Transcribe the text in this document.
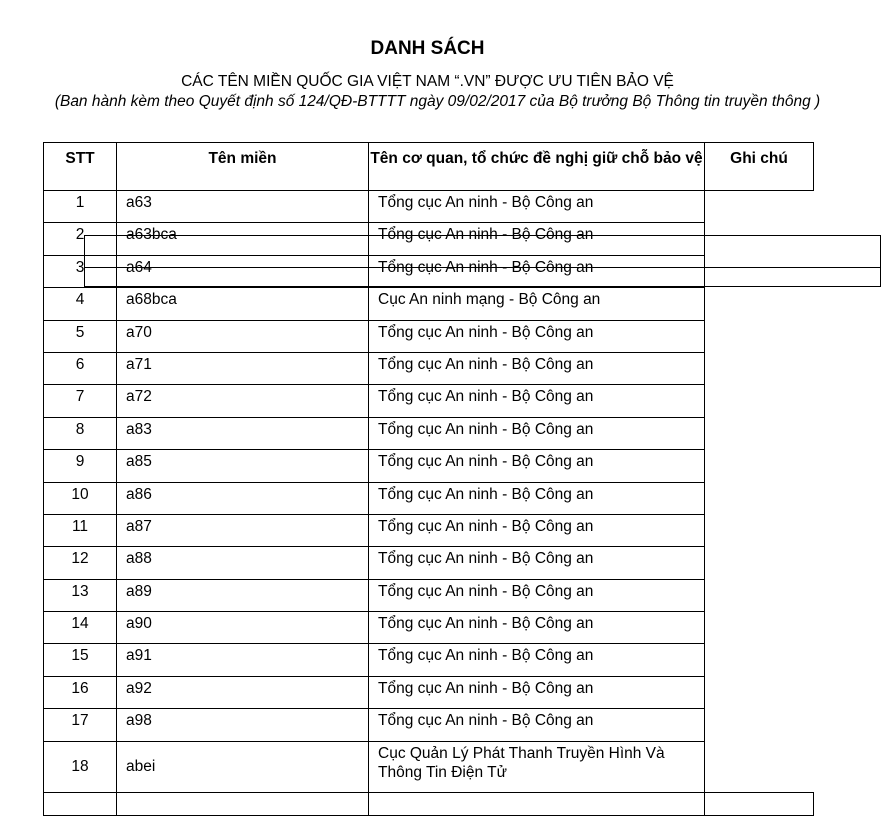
DANH SÁCH
CÁC TÊN MIỀN QUỐC GIA VIỆT NAM “.VN” ĐƯỢC ƯU TIÊN BẢO VỆ
(Ban hành kèm theo Quyết định số 124/QĐ-BTTTT ngày 09/02/2017 của Bộ trưởng Bộ Thông tin truyền thông )
STT	Tên miền	Tên cơ quan, tổ chức đề nghị giữ chỗ bảo vệ	Ghi chú
1	a63	Tổng cục An ninh - Bộ Công an	

2	a63bca	Tổng cục An ninh - Bộ Công an	

3	a64	Tổng cục An ninh - Bộ Công an	

4	a68bca	Cục An ninh mạng - Bộ Công an	

5	a70	Tổng cục An ninh - Bộ Công an	

6	a71	Tổng cục An ninh - Bộ Công an	

7	a72	Tổng cục An ninh - Bộ Công an	

8	a83	Tổng cục An ninh - Bộ Công an	

9	a85	Tổng cục An ninh - Bộ Công an	

10	a86	Tổng cục An ninh - Bộ Công an	

11	a87	Tổng cục An ninh - Bộ Công an	

12	a88	Tổng cục An ninh - Bộ Công an	

13	a89	Tổng cục An ninh - Bộ Công an	

14	a90	Tổng cục An ninh - Bộ Công an	

15	a91	Tổng cục An ninh - Bộ Công an	

16	a92	Tổng cục An ninh - Bộ Công an	

17	a98	Tổng cục An ninh - Bộ Công an	

18	abei	Cục Quản Lý Phát Thanh Truyền Hình Và Thông Tin Điện Tử	
